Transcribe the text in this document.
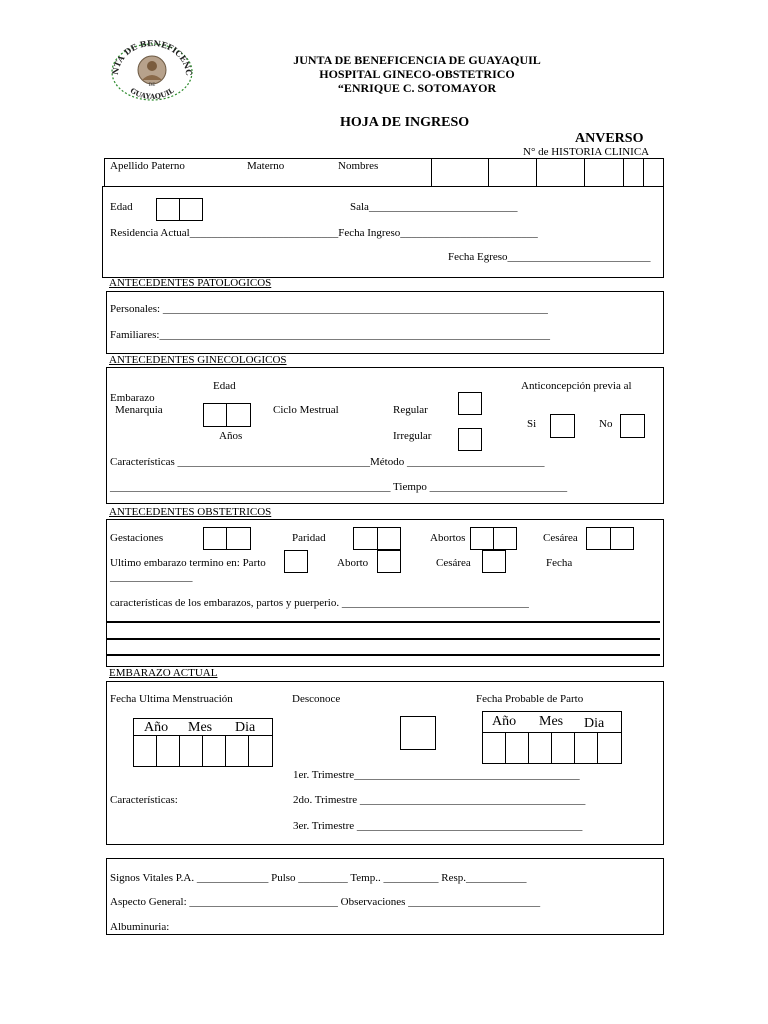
NTA DE BENEFICENC
GUAYAQUIL
DE
JUNTA DE BENEFICENCIA DE GUAYAQUIL
HOSPITAL GINECO-OBSTETRICO
“ENRIQUE C. SOTOMAYOR
HOJA DE INGRESO
ANVERSO
N° de HISTORIA CLINICA
Apellido Paterno	Materno	Nombres
Edad	Sala___________________________
Residencia Actual___________________________Fecha Ingreso_________________________
Fecha Egreso__________________________
ANTECEDENTES PATOLOGICOS
Personales: ______________________________________________________________________
Familiares:_______________________________________________________________________
ANTECEDENTES GINECOLOGICOS
Edad	Anticoncepción previa al
Embarazo
Menarquia	Ciclo Mestrual	Regular
Si	No
Años	Irregular
Características ___________________________________Método _________________________
___________________________________________________ Tiempo _________________________
ANTECEDENTES OBSTETRICOS
Gestaciones	Paridad	Abortos	Cesárea
Ultimo embarazo termino en: Parto	Aborto	Cesárea	Fecha
_______________
características de los embarazos, partos y puerperio. __________________________________
EMBARAZO ACTUAL
Fecha Ultima Menstruación	Desconoce	Fecha Probable de Parto
Año Mes Dia	Año Mes Dia
1er. Trimestre_________________________________________
Características:	2do. Trimestre _________________________________________
3er. Trimestre _________________________________________
Signos Vitales P.A. _____________ Pulso _________ Temp.. __________ Resp.___________
Aspecto General: ___________________________ Observaciones ________________________
Albuminuria:
